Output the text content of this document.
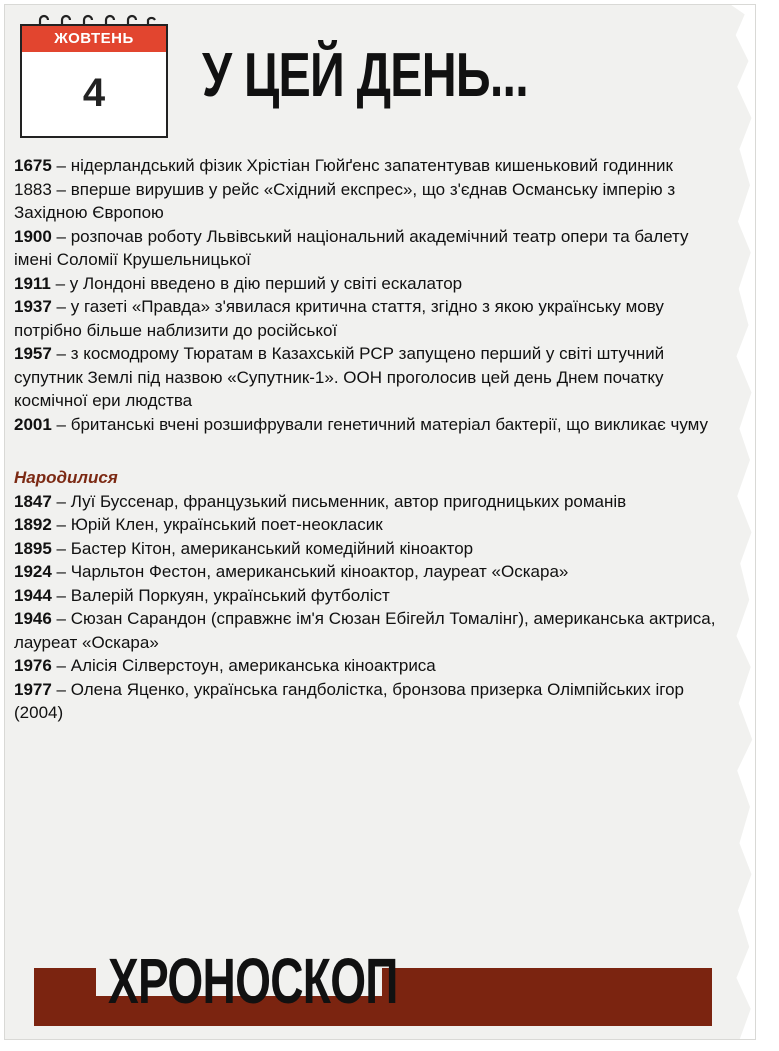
ЖОВТЕНЬ
4	У ЦЕЙ ДЕНЬ...

1675 – нідерландський фізик Хрістіан Гюйґенс запатентував кишеньковий годинник

1883 – вперше вирушив у рейс «Східний експрес», що з'єднав Османську імперію з Західною Європою

1900 – розпочав роботу Львівський національний академічний театр опери та балету імені Соломії Крушельницької

1911 – у Лондоні введено в дію перший у світі ескалатор

1937 – у газеті «Правда» з'явилася критична стаття, згідно з якою українську мову потрібно більше наблизити до російської

1957 – з космодрому Тюратам в Казахській РСР запущено перший у світі штучний супутник Землі під назвою «Супутник-1». ООН проголосив цей день Днем початку космічної ери людства

2001 – британські вчені розшифрували генетичний матеріал бактерії, що викликає чуму

Народилися

1847 – Луї Буссенар, французький письменник, автор пригодницьких романів

1892 – Юрій Клен, український поет-неокласик

1895 – Бастер Кітон, американський комедійний кіноактор

1924 – Чарльтон Фестон, американський кіноактор, лауреат «Оскара»

1944 – Валерій Поркуян, український футболіст

1946 – Сюзан Сарандон (справжнє ім'я Сюзан Ебігейл Томалінг), американська актриса, лауреат «Оскара»

1976 – Алісія Сілверстоун, американська кіноактриса

1977 – Олена Яценко, українська гандболістка, бронзова призерка Олімпійських ігор (2004)

ХРОНОСКОП
